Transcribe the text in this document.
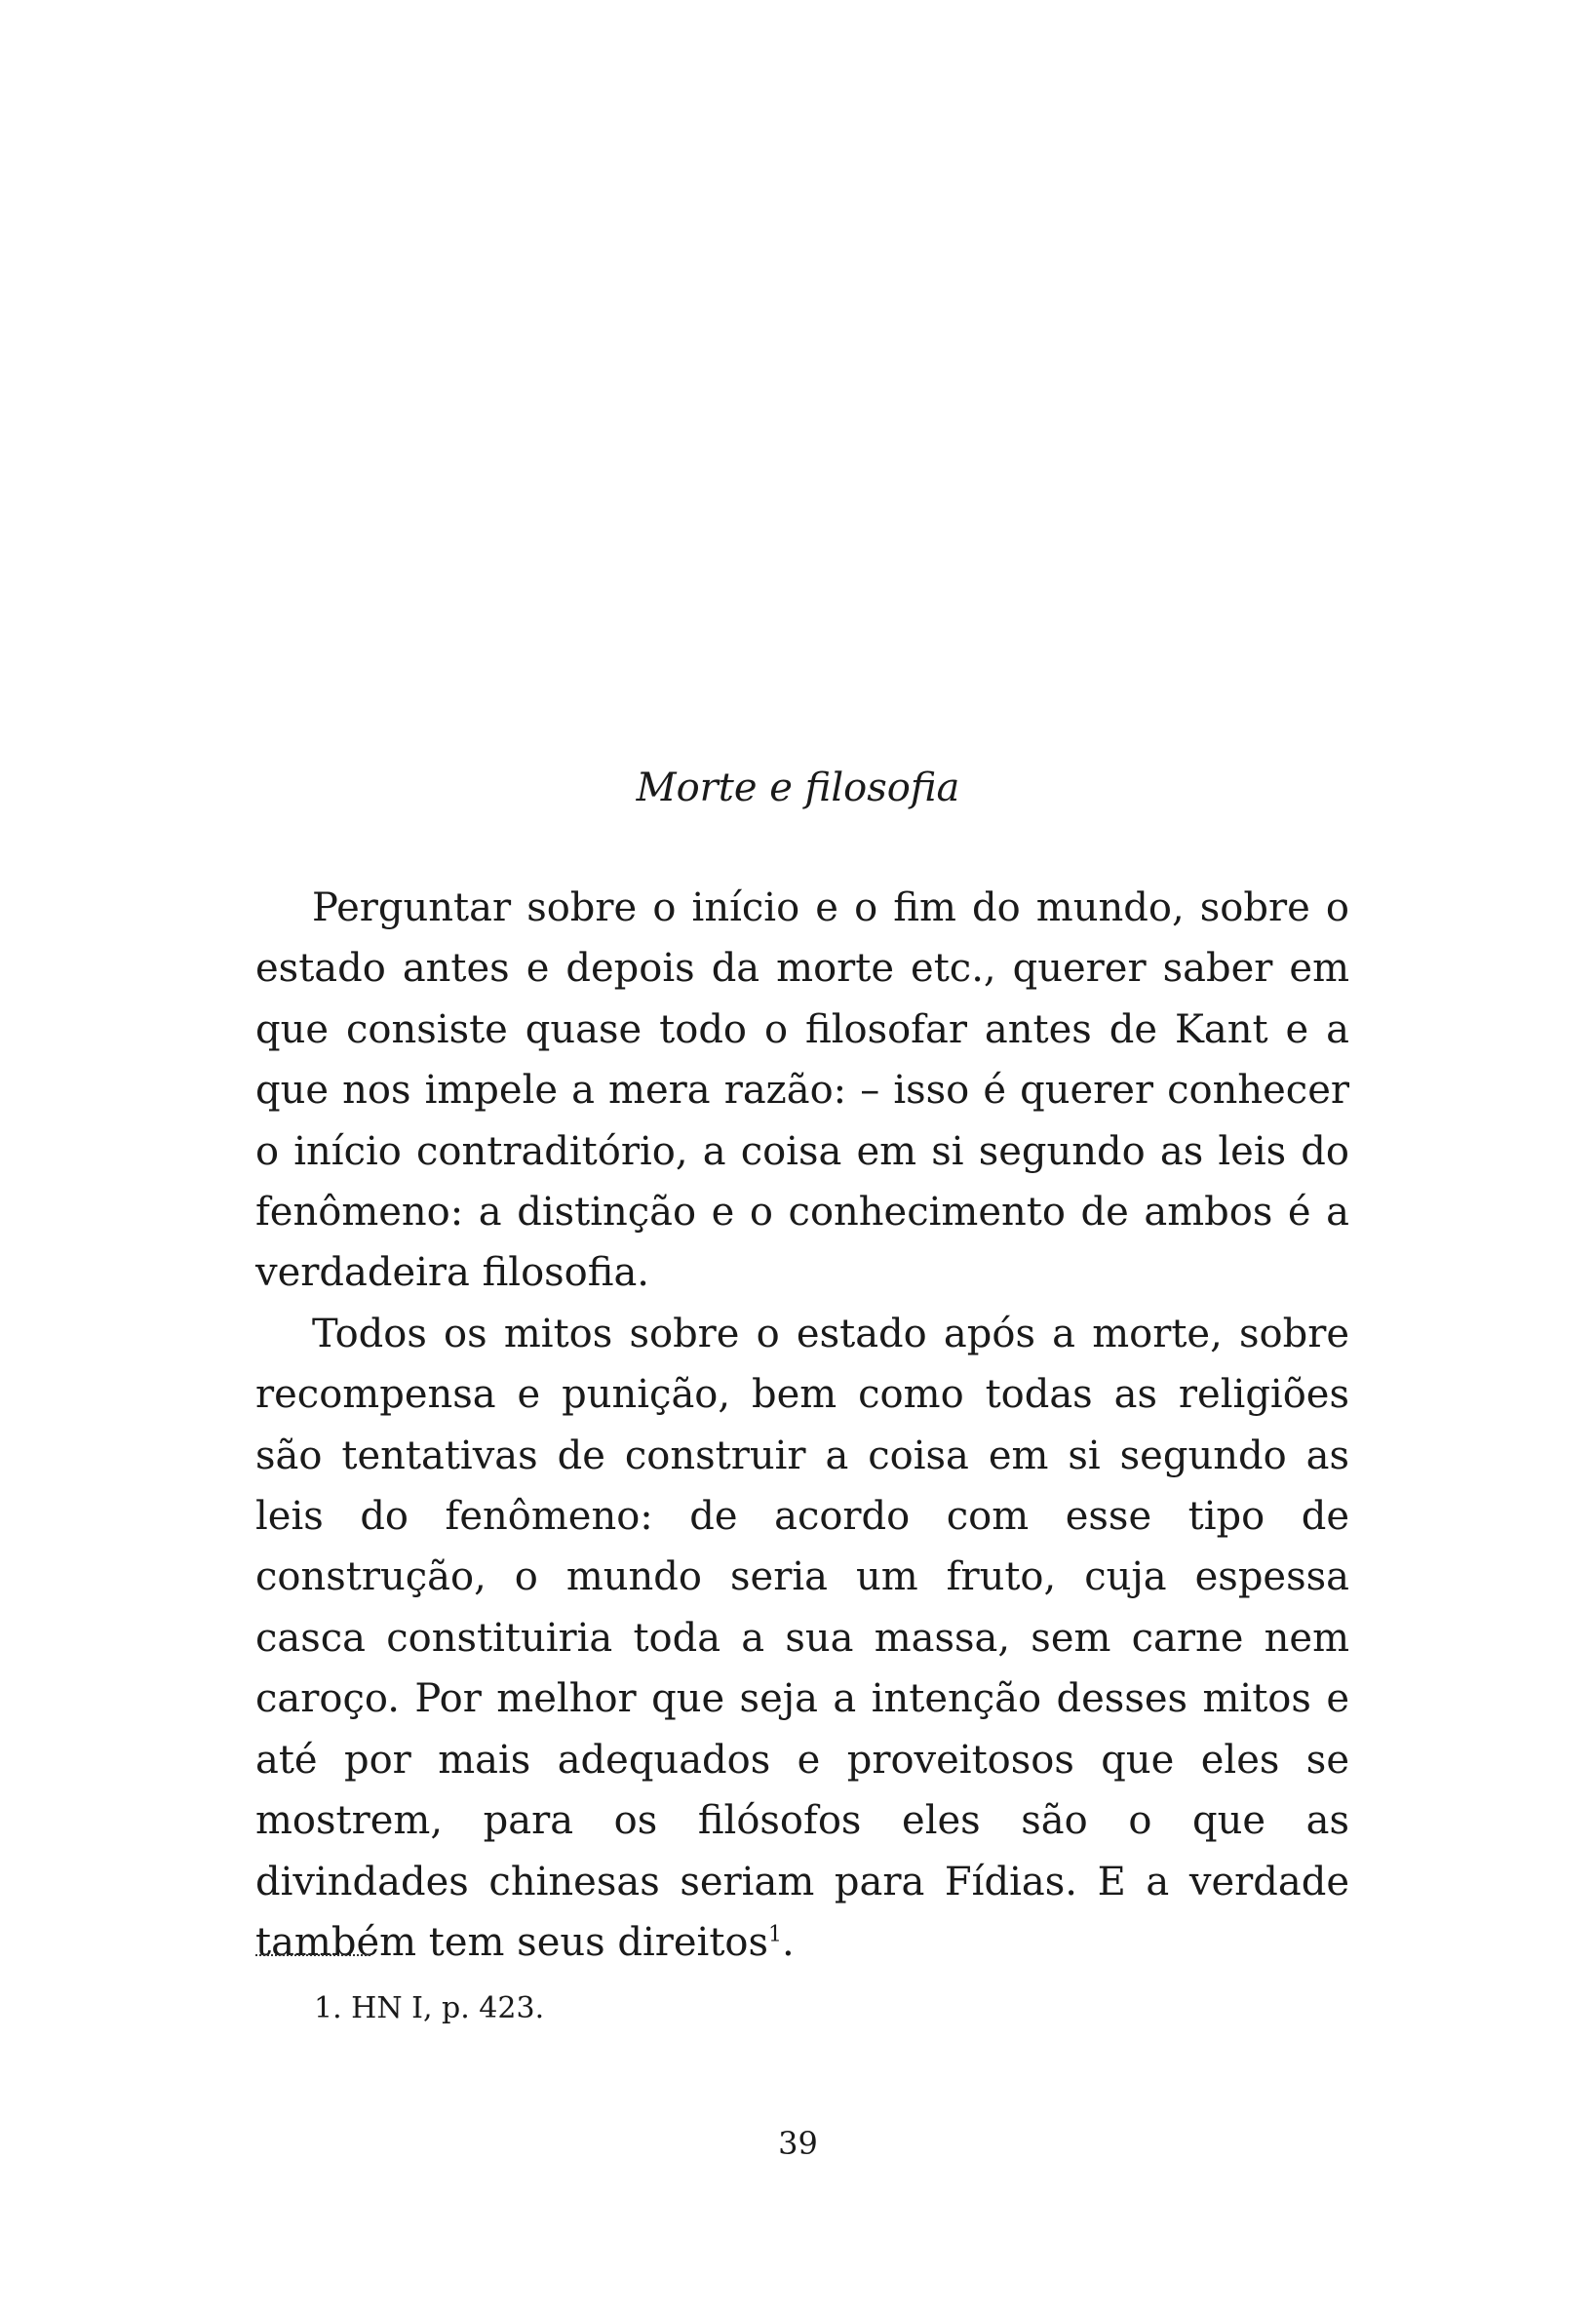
Morte e filosofia

Perguntar sobre o início e o fim do mundo, sobre o estado antes e depois da morte etc., querer saber em que consiste quase todo o filosofar antes de Kant e a que nos impele a mera razão: – isso é querer conhecer o início contraditório, a coisa em si segundo as leis do fenômeno: a distinção e o conhecimento de ambos é a verdadeira filosofia.

Todos os mitos sobre o estado após a morte, sobre recompensa e punição, bem como todas as religiões são tentativas de construir a coisa em si segundo as leis do fenômeno: de acordo com esse tipo de construção, o mundo seria um fruto, cuja espessa casca constituiria toda a sua massa, sem carne nem caroço. Por melhor que seja a intenção desses mitos e até por mais adequados e proveitosos que eles se mostrem, para os filósofos eles são o que as divindades chinesas seriam para Fídias. E a verdade também tem seus direitos$^1$.

1. HN I, p. 423.

39
